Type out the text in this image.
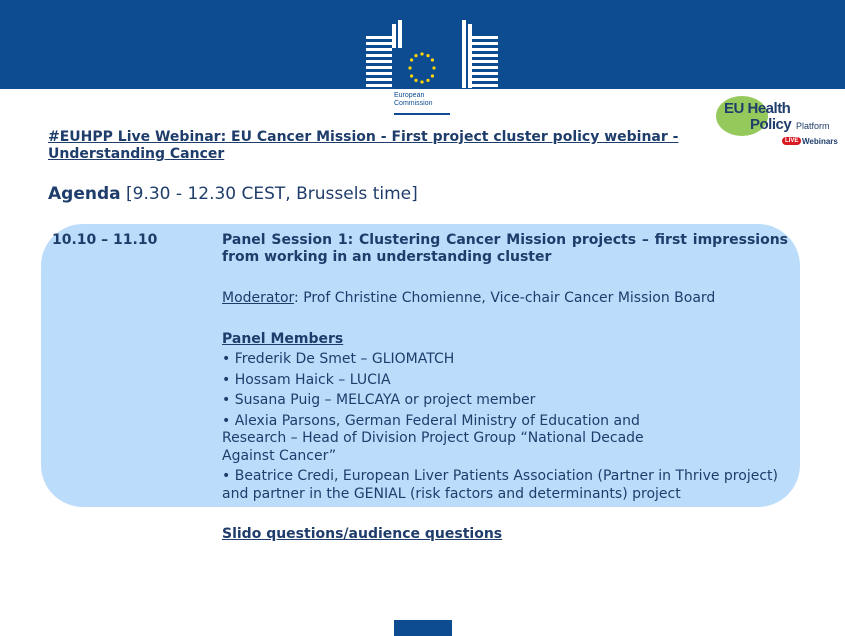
European
Commission	EU Health
Policy Platform
LIVE Webinars
#EUHPP Live Webinar: EU Cancer Mission - First project cluster policy webinar - Understanding Cancer
Agenda [9.30 - 12.30 CEST, Brussels time]
10.10 – 11.10	Panel Session 1: Clustering Cancer Mission projects – first impressions from working in an understanding cluster
Moderator: Prof Christine Chomienne, Vice-chair Cancer Mission Board
Panel Members
• Frederik De Smet – GLIOMATCH
• Hossam Haick – LUCIA
• Susana Puig – MELCAYA or project member
• Alexia Parsons, German Federal Ministry of Education and Research – Head of Division Project Group “National Decade Against Cancer”
• Beatrice Credi, European Liver Patients Association (Partner in Thrive project) and partner in the GENIAL (risk factors and determinants) project
Slido questions/audience questions
